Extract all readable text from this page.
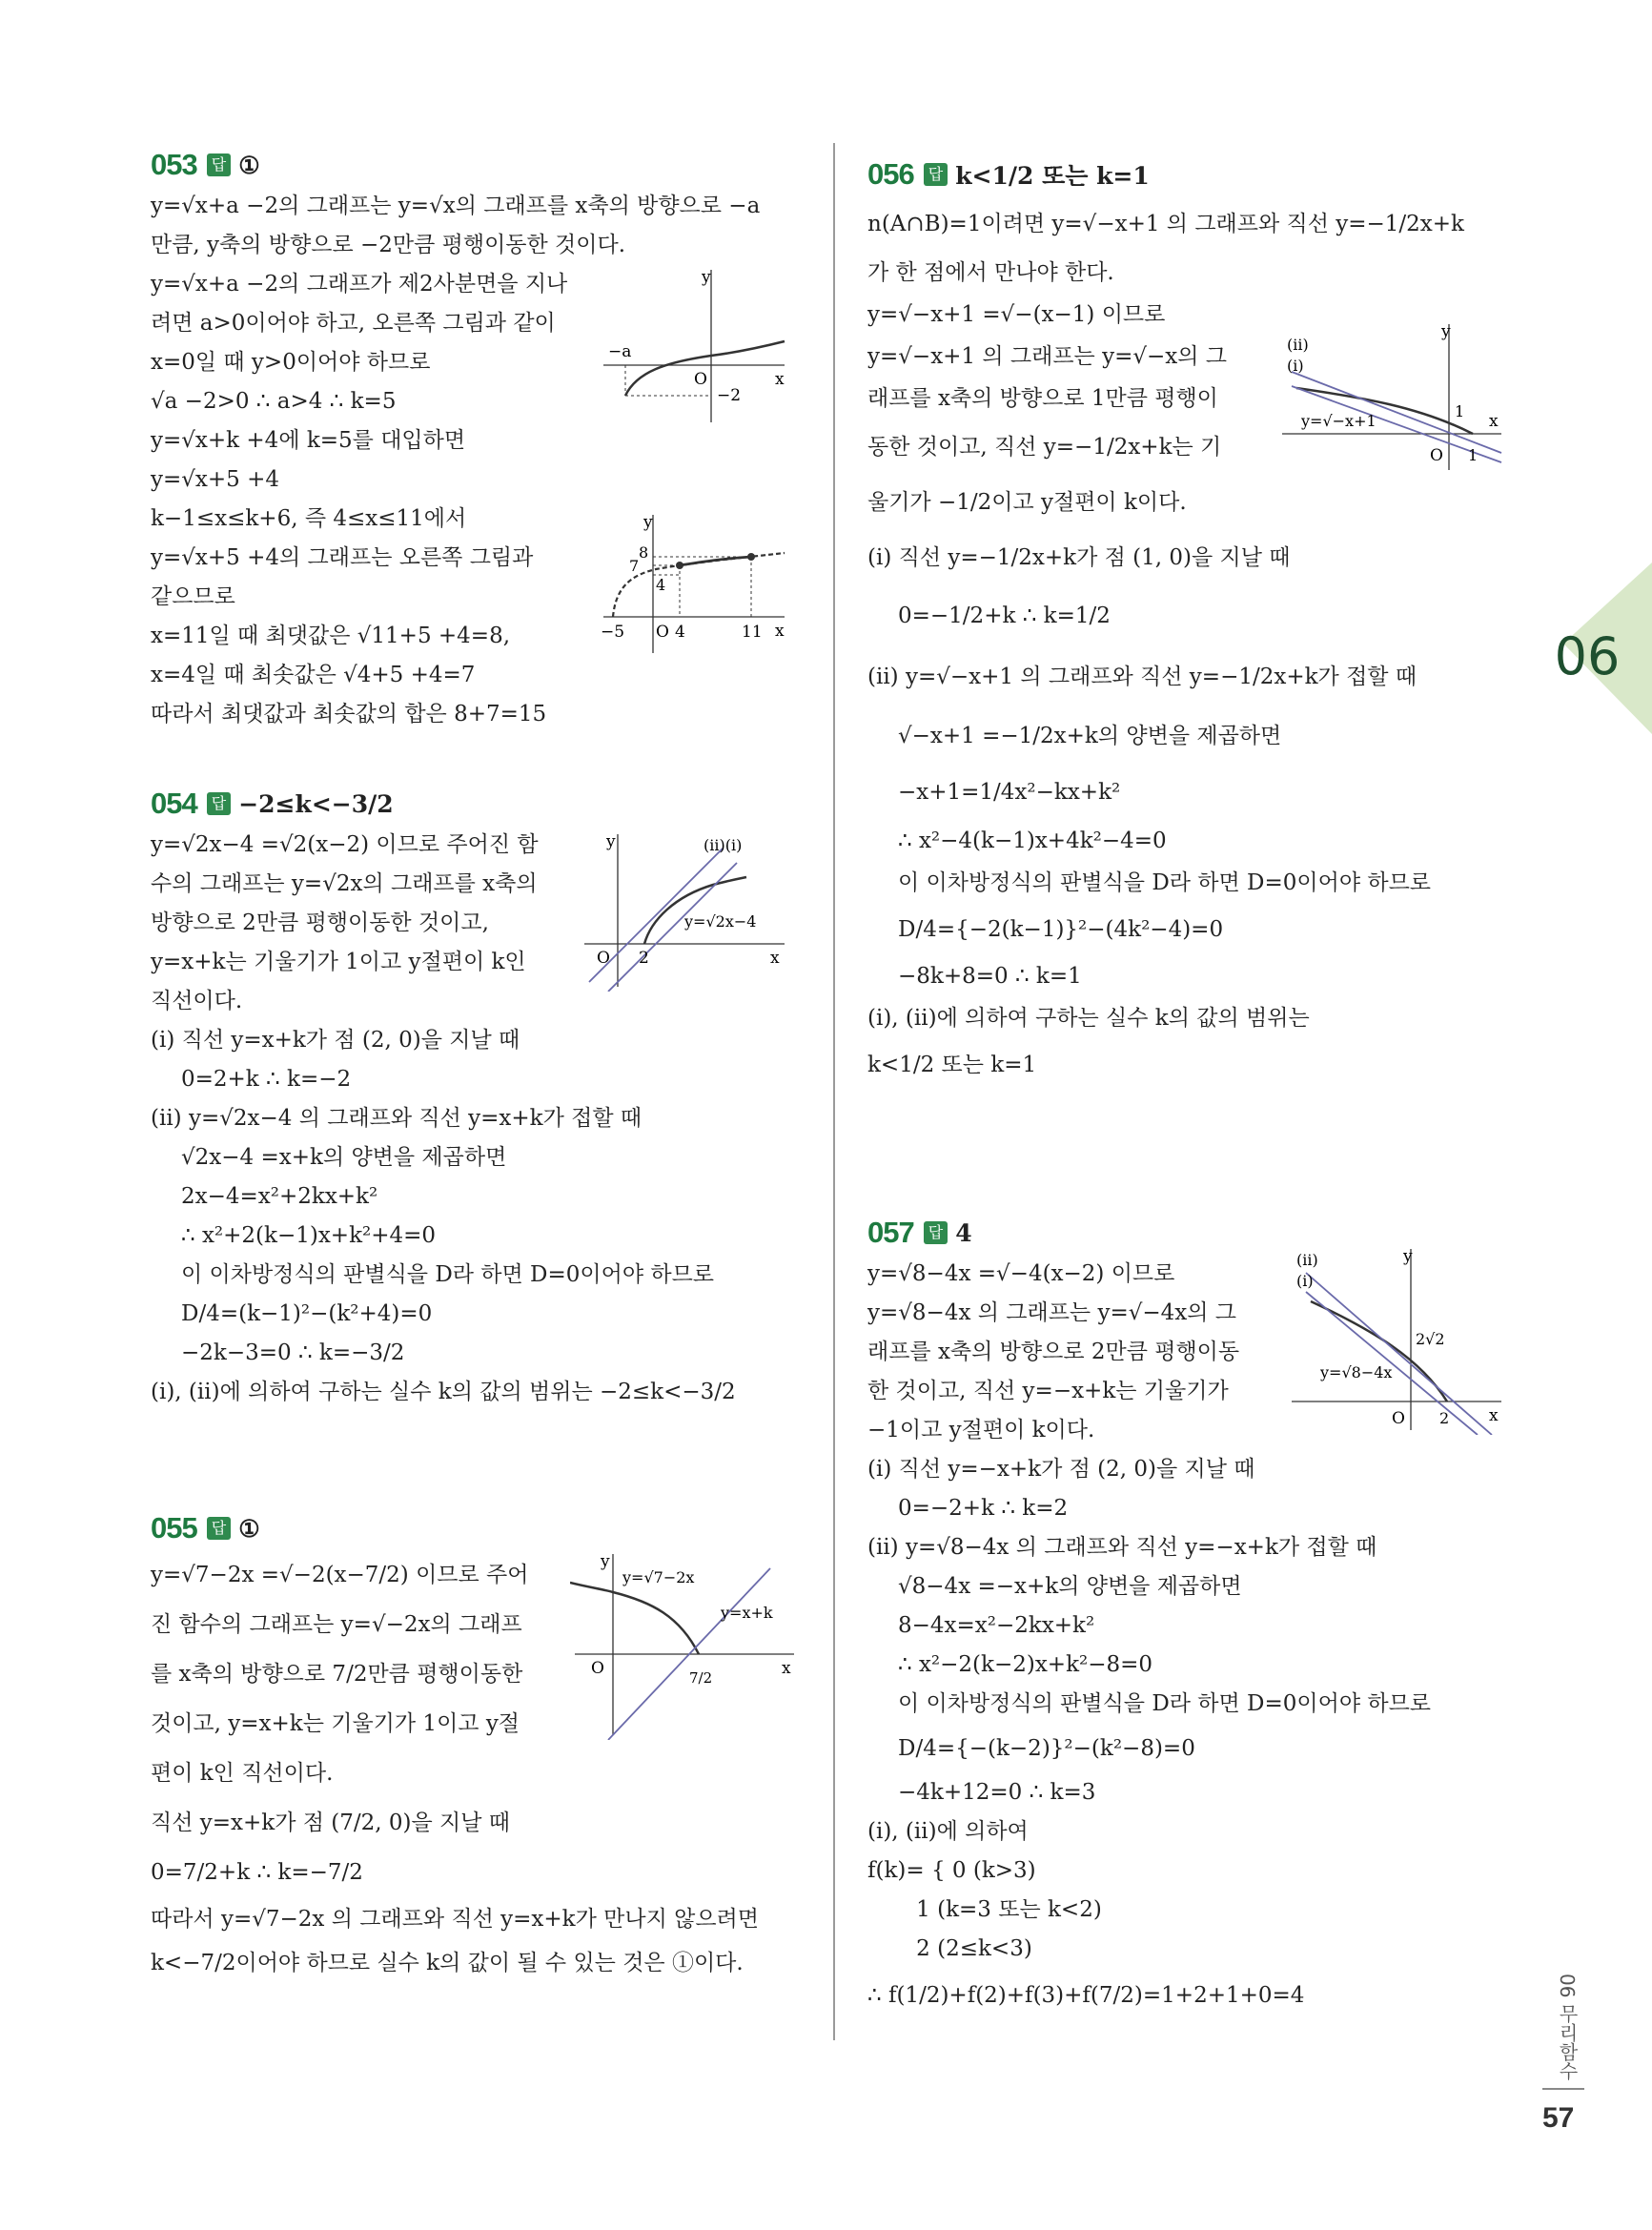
06
053 답 ①
y=√x+a −2의 그래프는 y=√x의 그래프를 x축의 방향으로 −a
만큼, y축의 방향으로 −2만큼 평행이동한 것이다.
y=√x+a −2의 그래프가 제2사분면을 지나
려면 a>0이어야 하고, 오른쪽 그림과 같이
x=0일 때 y>0이어야 하므로
√a −2>0 ∴ a>4 ∴ k=5
y=√x+k +4에 k=5를 대입하면
y=√x+5 +4
k−1≤x≤k+6, 즉 4≤x≤11에서
y=√x+5 +4의 그래프는 오른쪽 그림과
같으므로
x=11일 때 최댓값은 √11+5 +4=8,
x=4일 때 최솟값은 √4+5 +4=7
따라서 최댓값과 최솟값의 합은 8+7=15
y
x
O
−a
−2
y
x
O
−5	4	11
8
7
4
054 답 −2≤k<−3/2
y=√2x−4 =√2(x−2) 이므로 주어진 함
수의 그래프는 y=√2x의 그래프를 x축의
방향으로 2만큼 평행이동한 것이고,
y=x+k는 기울기가 1이고 y절편이 k인
직선이다.
(ⅰ) 직선 y=x+k가 점 (2, 0)을 지날 때
0=2+k ∴ k=−2
(ⅱ) y=√2x−4 의 그래프와 직선 y=x+k가 접할 때
√2x−4 =x+k의 양변을 제곱하면
2x−4=x²+2kx+k²
∴ x²+2(k−1)x+k²+4=0
이 이차방정식의 판별식을 D라 하면 D=0이어야 하므로
D/4=(k−1)²−(k²+4)=0
−2k−3=0 ∴ k=−3/2
(ⅰ), (ⅱ)에 의하여 구하는 실수 k의 값의 범위는 −2≤k<−3/2
y
x
O 2
y=√2x−4
(ⅱ)(ⅰ)
055 답 ①
y=√7−2x =√−2(x−7/2) 이므로 주어
진 함수의 그래프는 y=√−2x의 그래프
를 x축의 방향으로 7/2만큼 평행이동한
것이고, y=x+k는 기울기가 1이고 y절
편이 k인 직선이다.
직선 y=x+k가 점 (7/2, 0)을 지날 때
0=7/2+k ∴ k=−7/2
따라서 y=√7−2x 의 그래프와 직선 y=x+k가 만나지 않으려면
k<−7/2이어야 하므로 실수 k의 값이 될 수 있는 것은 ①이다.
y
x
O
y=√7−2x
y=x+k
7/2
056 답 k<1/2 또는 k=1
n(A∩B)=1이려면 y=√−x+1 의 그래프와 직선 y=−1/2x+k
가 한 점에서 만나야 한다.
y=√−x+1 =√−(x−1) 이므로
y=√−x+1 의 그래프는 y=√−x의 그
래프를 x축의 방향으로 1만큼 평행이
동한 것이고, 직선 y=−1/2x+k는 기
울기가 −1/2이고 y절편이 k이다.
(ⅰ) 직선 y=−1/2x+k가 점 (1, 0)을 지날 때
0=−1/2+k ∴ k=1/2
(ⅱ) y=√−x+1 의 그래프와 직선 y=−1/2x+k가 접할 때
√−x+1 =−1/2x+k의 양변을 제곱하면
−x+1=1/4x²−kx+k²
∴ x²−4(k−1)x+4k²−4=0
이 이차방정식의 판별식을 D라 하면 D=0이어야 하므로
D/4={−2(k−1)}²−(4k²−4)=0
−8k+8=0 ∴ k=1
(ⅰ), (ⅱ)에 의하여 구하는 실수 k의 값의 범위는
k<1/2 또는 k=1
y
x
O 1
1
y=√−x+1
(ⅱ)
(ⅰ)
057 답 4
y=√8−4x =√−4(x−2) 이므로
y=√8−4x 의 그래프는 y=√−4x의 그
래프를 x축의 방향으로 2만큼 평행이동
한 것이고, 직선 y=−x+k는 기울기가
−1이고 y절편이 k이다.
(ⅰ) 직선 y=−x+k가 점 (2, 0)을 지날 때
0=−2+k ∴ k=2
(ⅱ) y=√8−4x 의 그래프와 직선 y=−x+k가 접할 때
√8−4x =−x+k의 양변을 제곱하면
8−4x=x²−2kx+k²
∴ x²−2(k−2)x+k²−8=0
이 이차방정식의 판별식을 D라 하면 D=0이어야 하므로
D/4={−(k−2)}²−(k²−8)=0
−4k+12=0 ∴ k=3
(ⅰ), (ⅱ)에 의하여
f(k)= { 0 (k>3)
1 (k=3 또는 k<2)
2 (2≤k<3)
∴ f(1/2)+f(2)+f(3)+f(7/2)=1+2+1+0=4
y
x
O 2
2√2
y=√8−4x
(ⅱ)
(ⅰ)
06 무리함수
57
